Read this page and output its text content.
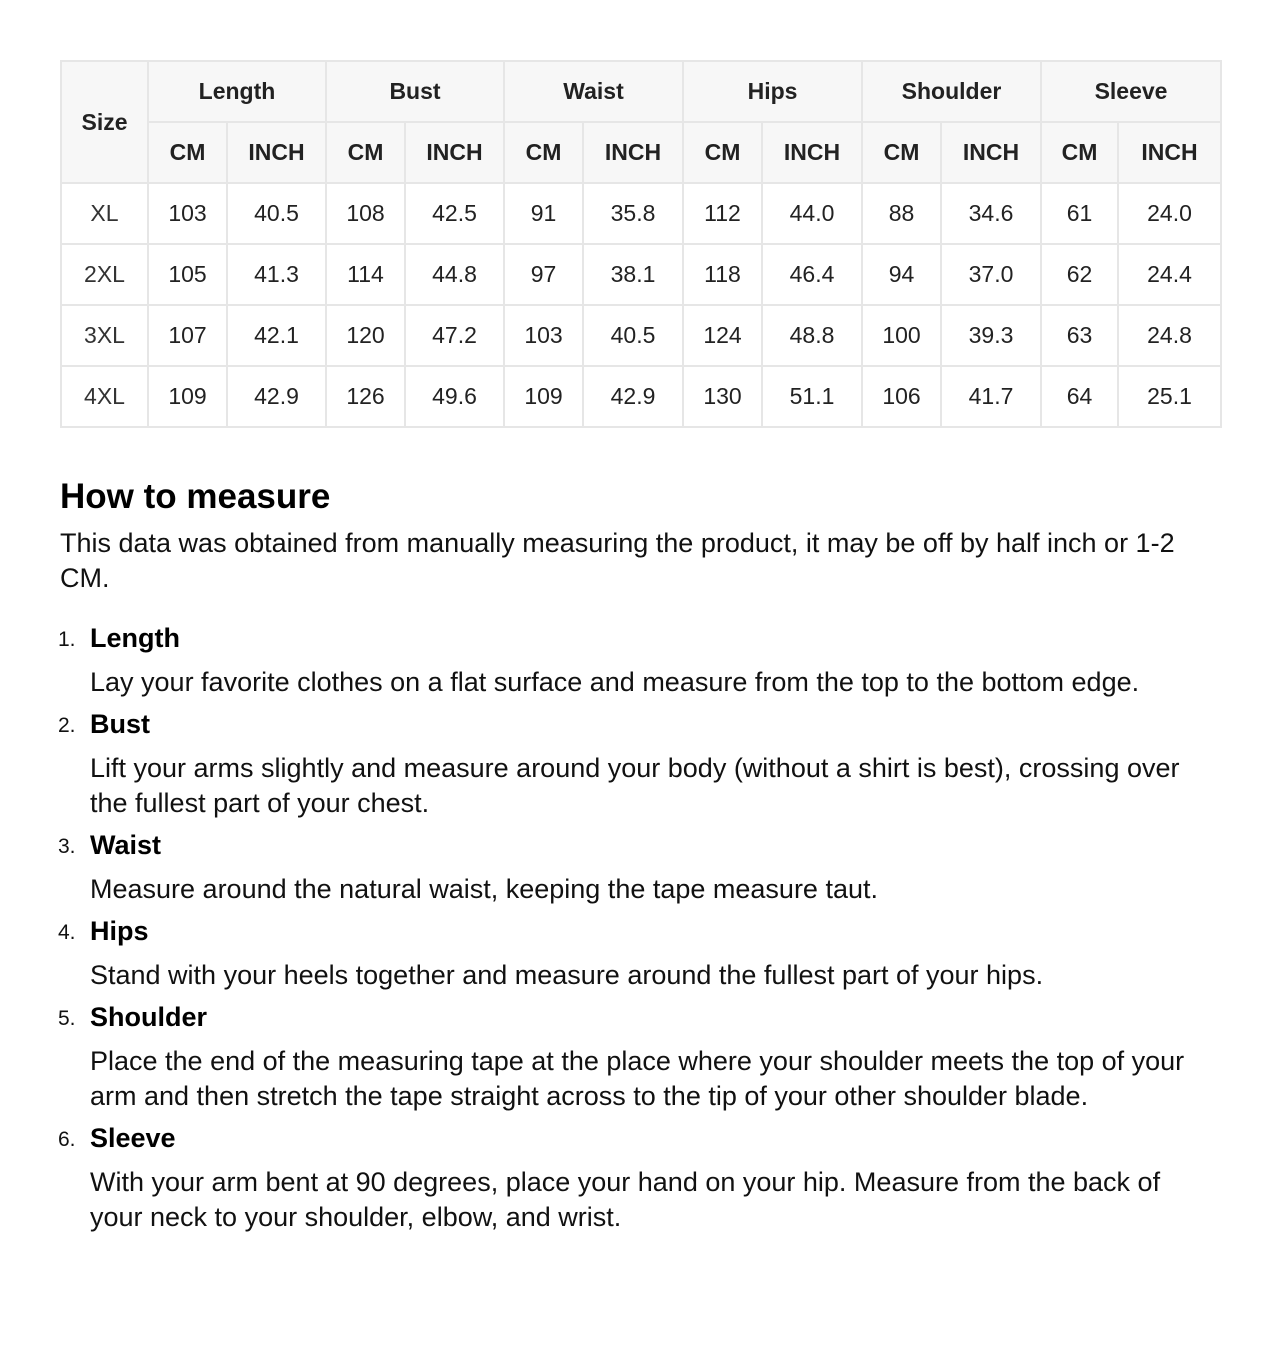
Size	Length		Bust		Waist		Hips		Shoulder		Sleeve	
	CM	INCH	CM	INCH	CM	INCH	CM	INCH	CM	INCH	CM	INCH
XL	103	40.5	108	42.5	91	35.8	112	44.0	88	34.6	61	24.0
2XL	105	41.3	114	44.8	97	38.1	118	46.4	94	37.0	62	24.4
3XL	107	42.1	120	47.2	103	40.5	124	48.8	100	39.3	63	24.8
4XL	109	42.9	126	49.6	109	42.9	130	51.1	106	41.7	64	25.1
How to measure

This data was obtained from manually measuring the product, it may be off by half inch or 1-2 CM.

1. Length
Lay your favorite clothes on a flat surface and measure from the top to the bottom edge.
2. Bust
Lift your arms slightly and measure around your body (without a shirt is best), crossing over the fullest part of your chest.
3. Waist
Measure around the natural waist, keeping the tape measure taut.
4. Hips
Stand with your heels together and measure around the fullest part of your hips.
5. Shoulder
Place the end of the measuring tape at the place where your shoulder meets the top of your arm and then stretch the tape straight across to the tip of your other shoulder blade.
6. Sleeve
With your arm bent at 90 degrees, place your hand on your hip. Measure from the back of your neck to your shoulder, elbow, and wrist.
